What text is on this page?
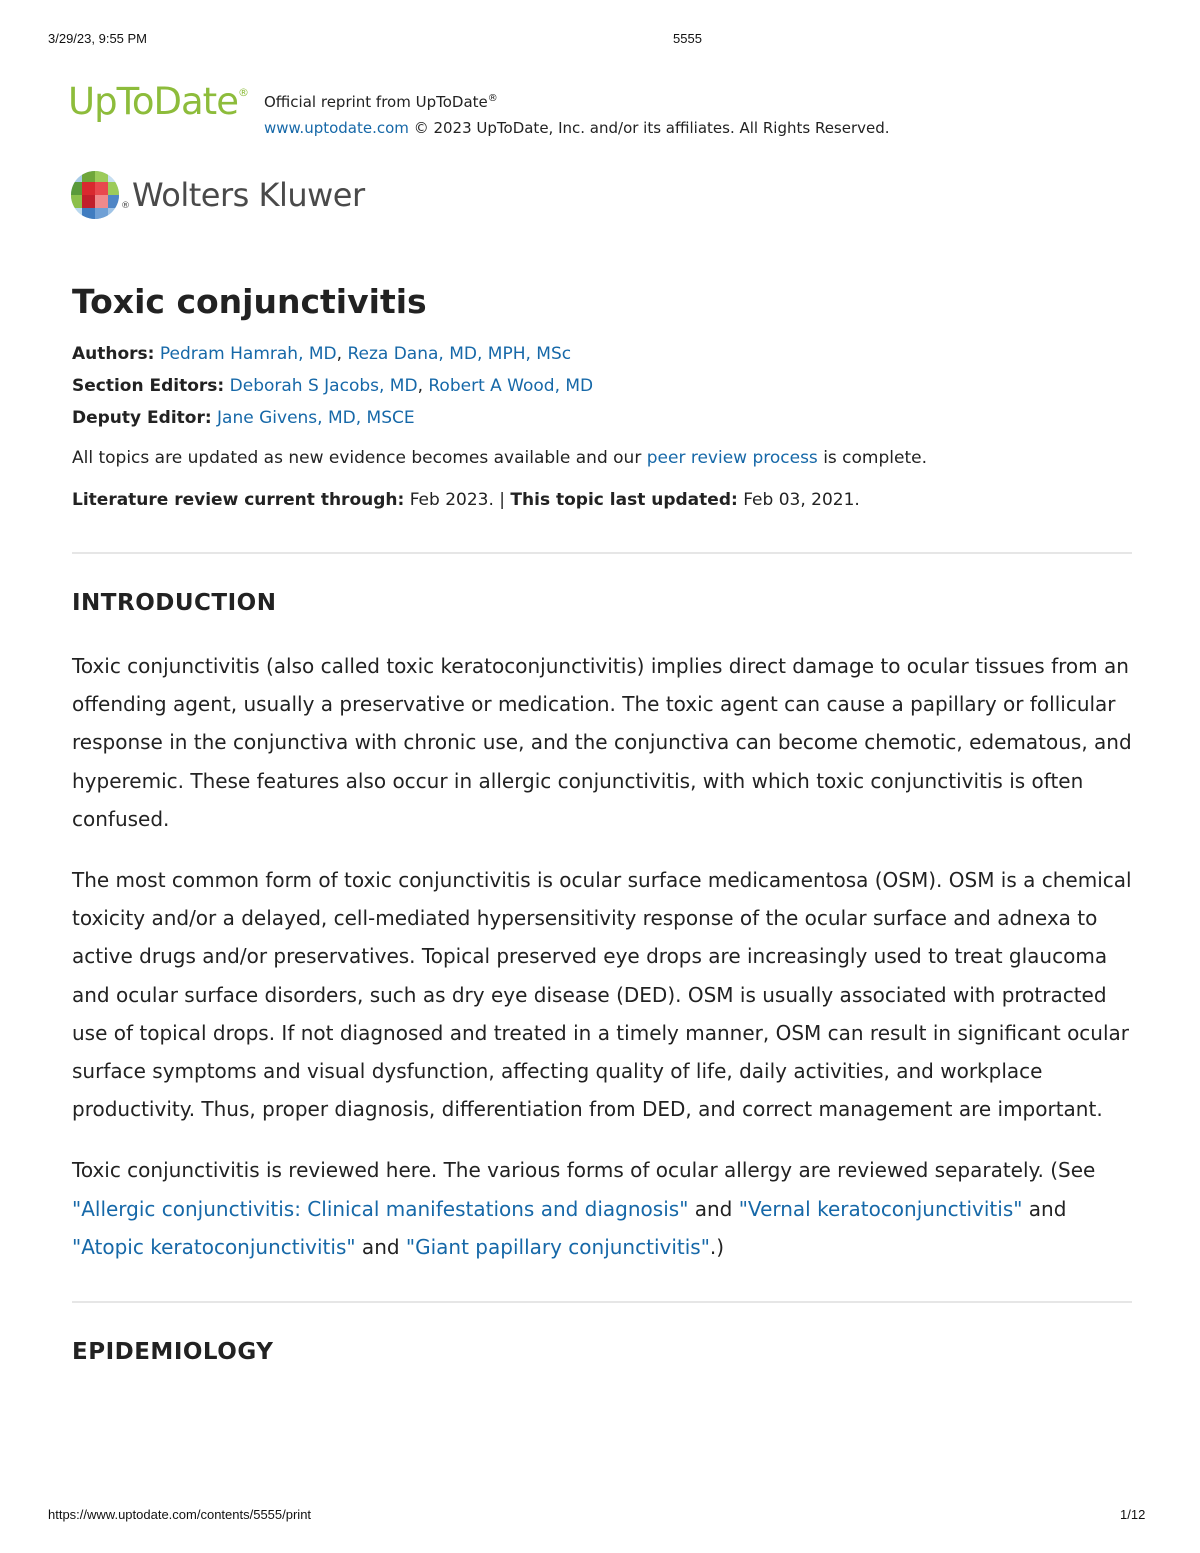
3/29/23, 9:55 PM	5555
UpToDate®
Official reprint from UpToDate®
www.uptodate.com © 2023 UpToDate, Inc. and/or its affiliates. All Rights Reserved.
® Wolters Kluwer
Toxic conjunctivitis
Authors: Pedram Hamrah, MD, Reza Dana, MD, MPH, MSc
Section Editors: Deborah S Jacobs, MD, Robert A Wood, MD
Deputy Editor: Jane Givens, MD, MSCE
All topics are updated as new evidence becomes available and our peer review process is complete.
Literature review current through: Feb 2023. | This topic last updated: Feb 03, 2021.
INTRODUCTION

Toxic conjunctivitis (also called toxic keratoconjunctivitis) implies direct damage to ocular tissues from an offending agent, usually a preservative or medication. The toxic agent can cause a papillary or follicular response in the conjunctiva with chronic use, and the conjunctiva can become chemotic, edematous, and hyperemic. These features also occur in allergic conjunctivitis, with which toxic conjunctivitis is often confused.

The most common form of toxic conjunctivitis is ocular surface medicamentosa (OSM). OSM is a chemical toxicity and/or a delayed, cell-mediated hypersensitivity response of the ocular surface and adnexa to active drugs and/or preservatives. Topical preserved eye drops are increasingly used to treat glaucoma and ocular surface disorders, such as dry eye disease (DED). OSM is usually associated with protracted use of topical drops. If not diagnosed and treated in a timely manner, OSM can result in significant ocular surface symptoms and visual dysfunction, affecting quality of life, daily activities, and workplace productivity. Thus, proper diagnosis, differentiation from DED, and correct management are important.

Toxic conjunctivitis is reviewed here. The various forms of ocular allergy are reviewed separately. (See "Allergic conjunctivitis: Clinical manifestations and diagnosis" and "Vernal keratoconjunctivitis" and "Atopic keratoconjunctivitis" and "Giant papillary conjunctivitis".)

EPIDEMIOLOGY
https://www.uptodate.com/contents/5555/print	1/12
